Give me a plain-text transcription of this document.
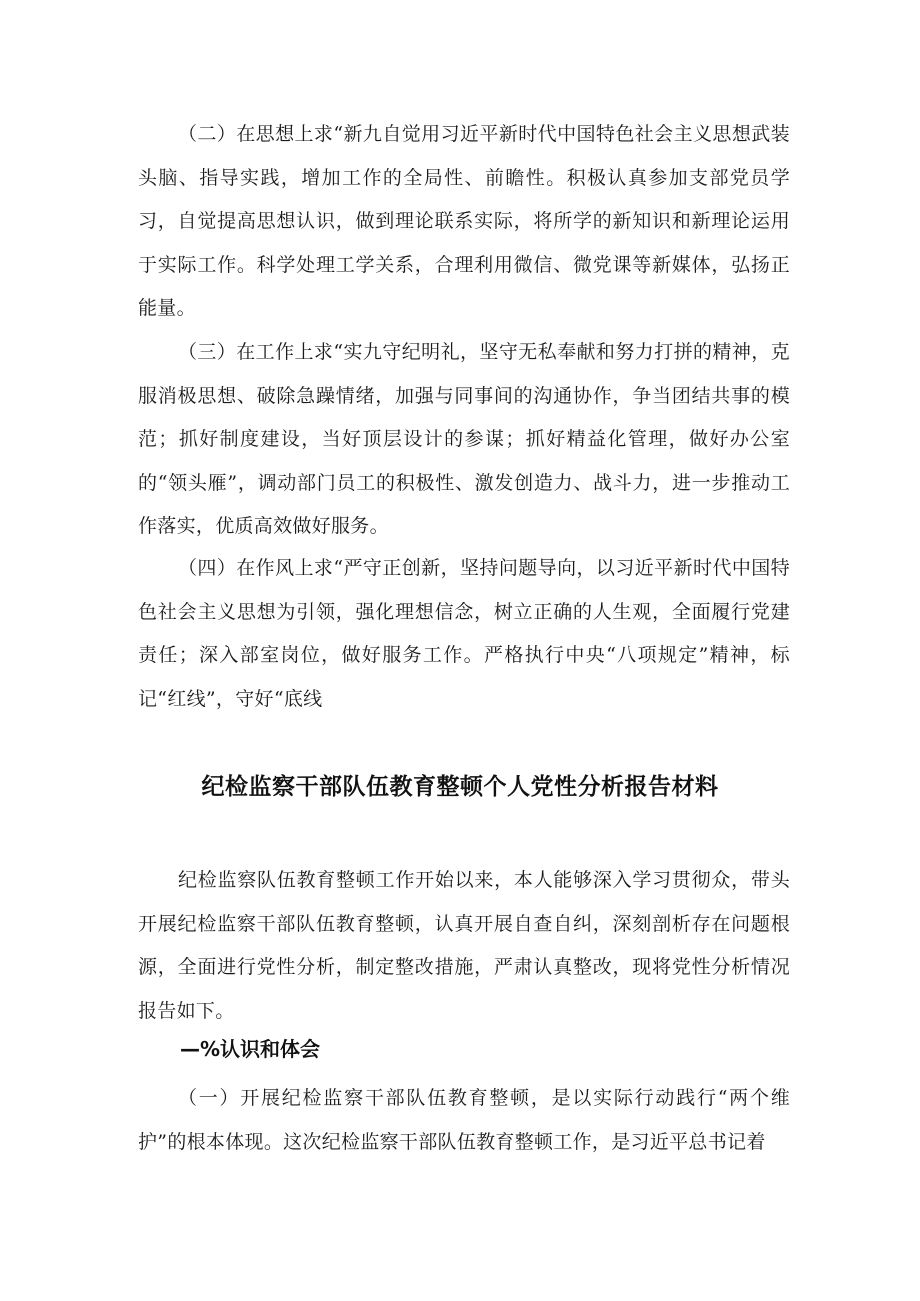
（二）在思想上求“新九自觉用习近平新时代中国特色社会主义思想武装头脑、指导实践，增加工作的全局性、前瞻性。积极认真参加支部党员学习，自觉提高思想认识，做到理论联系实际，将所学的新知识和新理论运用于实际工作。科学处理工学关系，合理利用微信、微党课等新媒体，弘扬正能量。

（三）在工作上求“实九守纪明礼，坚守无私奉献和努力打拼的精神，克服消极思想、破除急躁情绪，加强与同事间的沟通协作，争当团结共事的模范；抓好制度建设，当好顶层设计的参谋；抓好精益化管理，做好办公室的“领头雁”，调动部门员工的积极性、激发创造力、战斗力，进一步推动工作落实，优质高效做好服务。

（四）在作风上求“严守正创新，坚持问题导向，以习近平新时代中国特色社会主义思想为引领，强化理想信念，树立正确的人生观，全面履行党建责任；深入部室岗位，做好服务工作。严格执行中央“八项规定”精神，标记“红线”，守好“底线

纪检监察干部队伍教育整顿个人党性分析报告材料

纪检监察队伍教育整顿工作开始以来，本人能够深入学习贯彻众，带头开展纪检监察干部队伍教育整顿，认真开展自查自纠，深刻剖析存在问题根源，全面进行党性分析，制定整改措施，严肃认真整改，现将党性分析情况报告如下。

—%认识和体会

（一）开展纪检监察干部队伍教育整顿，是以实际行动践行“两个维护”的根本体现。这次纪检监察干部队伍教育整顿工作，是习近平总书记着
